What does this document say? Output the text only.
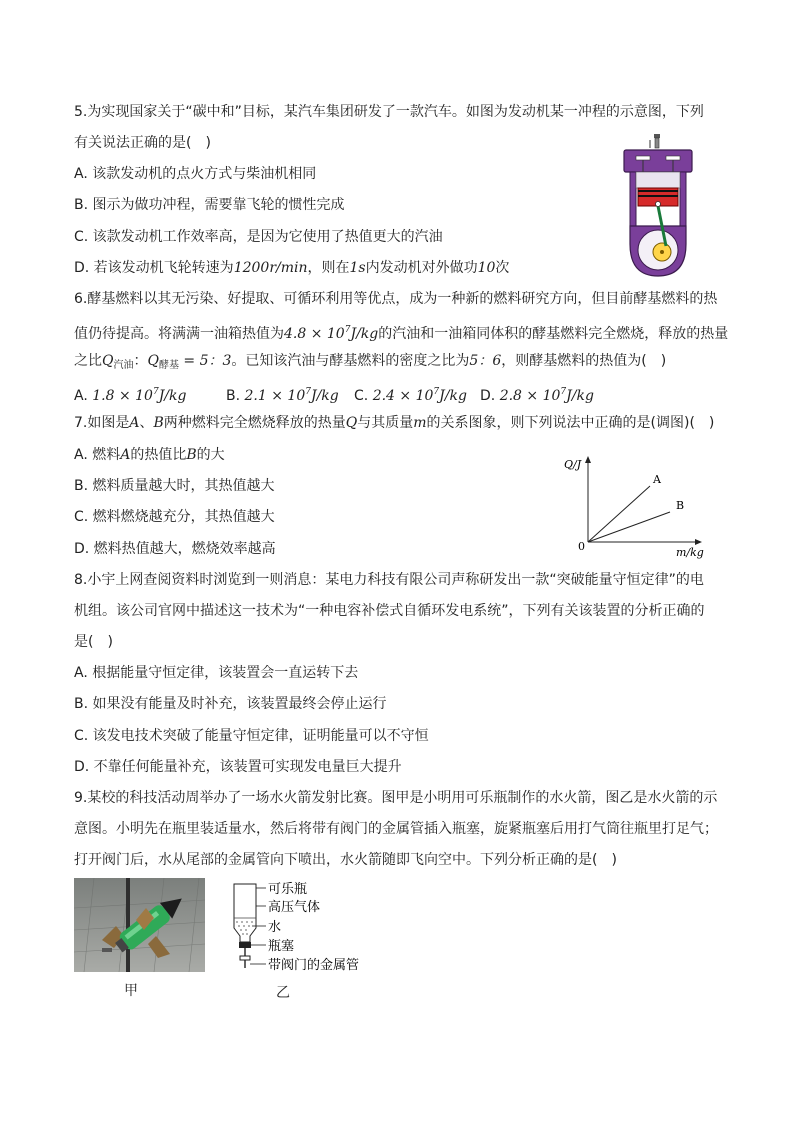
5.为实现国家关于“碳中和”目标，某汽车集团研发了一款汽车。如图为发动机某一冲程的示意图，下列
有关说法正确的是(　)
A. 该款发动机的点火方式与柴油机相同
B. 图示为做功冲程，需要靠飞轮的惯性完成
C. 该款发动机工作效率高，是因为它使用了热值更大的汽油
D. 若该发动机飞轮转速为1200r/min，则在1s内发动机对外做功10次
6.酵基燃料以其无污染、好提取、可循环利用等优点，成为一种新的燃料研究方向，但目前酵基燃料的热
值仍待提高。将满满一油箱热值为$4.8 \times 10^7J/kg$的汽油和一油箱同体积的酵基燃料完全燃烧，释放的热量
之比$Q_{汽油}$：$Q_{酵基} = 5$：3。已知该汽油与酵基燃料的密度之比为5：6，则酵基燃料的热值为(　)
A. $1.8 \times 10^7J/kg$	B. $2.1 \times 10^7J/kg$ C. $2.4 \times 10^7J/kg$ D. $2.8 \times 10^7J/kg$
7.如图是A、B两种燃料完全燃烧释放的热量Q与其质量m的关系图象，则下列说法中正确的是(调图)(　)
A. 燃料A的热值比B的大
B. 燃料质量越大时，其热值越大
C. 燃料燃烧越充分，其热值越大
D. 燃料热值越大，燃烧效率越高
Q/J
m/kg
0
A
B
8.小宇上网查阅资料时浏览到一则消息：某电力科技有限公司声称研发出一款“突破能量守恒定律”的电
机组。该公司官网中描述这一技术为“一种电容补偿式自循环发电系统”，下列有关该装置的分析正确的
是(　)
A. 根据能量守恒定律，该装置会一直运转下去
B. 如果没有能量及时补充，该装置最终会停止运行
C. 该发电技术突破了能量守恒定律，证明能量可以不守恒
D. 不靠任何能量补充，该装置可实现发电量巨大提升
9.某校的科技活动周举办了一场水火箭发射比赛。图甲是小明用可乐瓶制作的水火箭，图乙是水火箭的示
意图。小明先在瓶里装适量水，然后将带有阀门的金属管插入瓶塞，旋紧瓶塞后用打气筒往瓶里打足气；
打开阀门后，水从尾部的金属管向下喷出，水火箭随即飞向空中。下列分析正确的是(　)
甲
可乐瓶
高压气体
水
瓶塞
带阀门的金属管
乙
